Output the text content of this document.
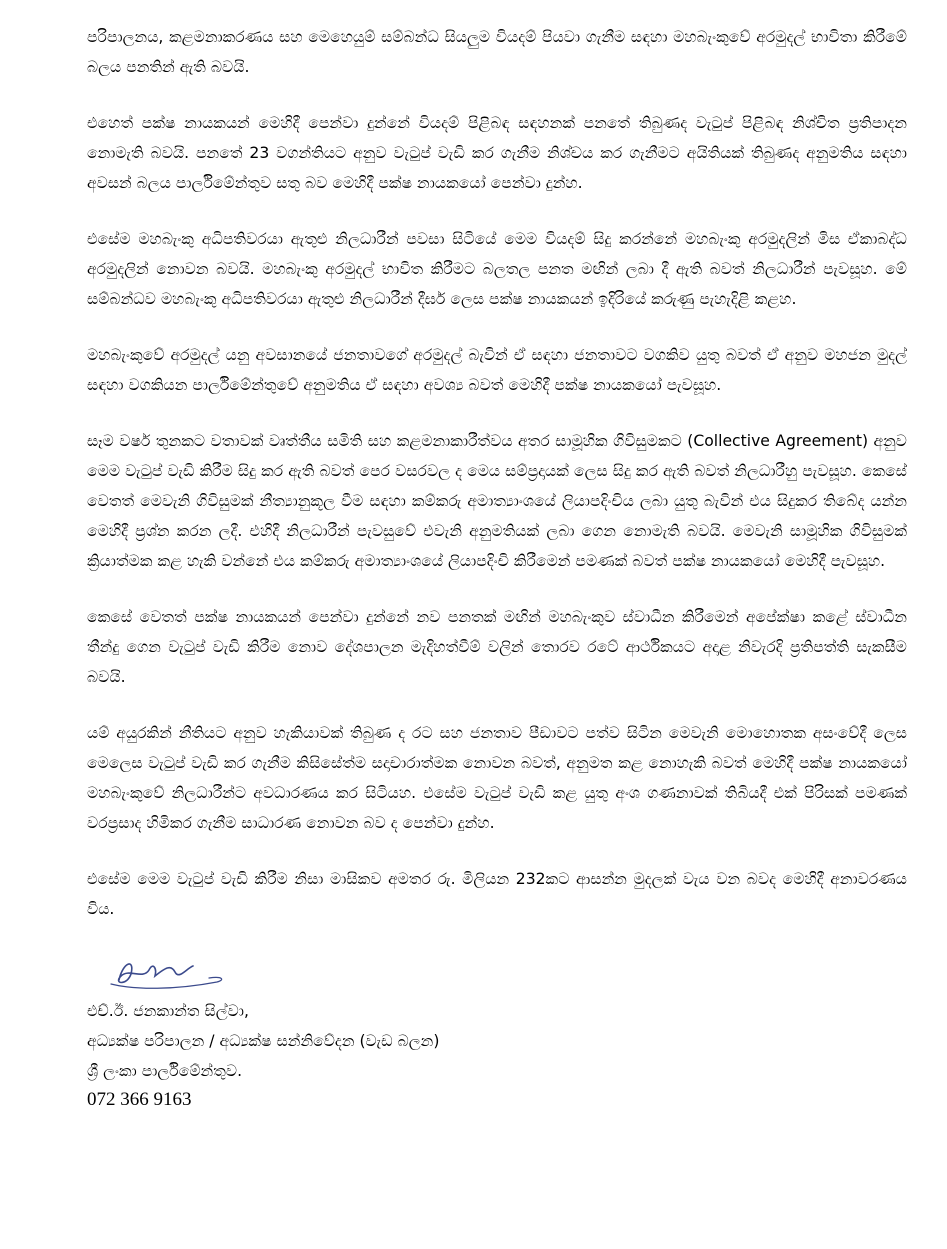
පරිපාලනය, කළමනාකරණය සහ මෙහෙයුම් සම්බන්ධ සියලුම වියදම් පියවා ගැනීම සඳහා මහබැංකුවේ අරමුදල් භාවිතා කිරීමේ බලය පනතින් ඇති බවයි.

එහෙත් පක්ෂ නායකයන් මෙහිදී පෙන්වා දුන්නේ වියදම් පිළිබඳ සඳහනක් පනතේ තිබුණද වැටුප් පිළිබඳ නිශ්චිත ප්‍රතිපාදන නොමැති බවයි. පනතේ 23 වගන්තියට අනුව වැටුප් වැඩි කර ගැනීම නිශ්චය කර ගැනීමට අයිතියක් තිබුණද අනුමතිය සඳහා අවසන් බලය පාර්ලිමේන්තුව සතු බව මෙහිදී පක්ෂ නායකයෝ පෙන්වා දුන්හ.

එසේම මහබැංකු අධිපතිවරයා ඇතුළු නිලධාරීන් පවසා සිටියේ මෙම වියදම් සිදු කරන්නේ මහබැංකු අරමුදලින් මිස ඒකාබද්ධ අරමුදලින් නොවන බවයි. මහබැංකු අරමුදල් භාවිත කිරීමට බලතල පනත මඟින් ලබා දී ඇති බවත් නිලධාරීන් පැවසූහ. මේ සම්බන්ධව මහබැංකු අධිපතිවරයා ඇතුළු නිලධාරීන් දීර්ඝ ලෙස පක්ෂ නායකයන් ඉදිරියේ කරුණු පැහැදිළි කළහ.

මහබැංකුවේ අරමුදල් යනු අවසානයේ ජනතාවගේ අරමුදල් බැවින් ඒ සඳහා ජනතාවට වගකිව යුතු බවත් ඒ අනුව මහජන මුදල් සඳහා වගකියන පාර්ලිමේන්තුවේ අනුමතිය ඒ සඳහා අවශ්‍ය බවත් මෙහිදී පක්ෂ නායකයෝ පැවසූහ.

සෑම වර්ෂ තුනකට වතාවක් වෘත්තීය සමිති සහ කළමනාකාරීත්වය අතර සාමූහික ගිවිසුමකට (Collective Agreement) අනුව මෙම වැටුප් වැඩි කිරීම සිදු කර ඇති බවත් පෙර වසරවල ද මෙය සම්ප්‍රදායක් ලෙස සිදු කර ඇති බවත් නිලධාරීහු පැවසූහ. කෙසේ වෙතත් මෙවැනි ගිවිසුමක් නීත්‍යානුකූල වීම සඳහා කම්කරු අමාත්‍යාංශයේ ලියාපදිංචිය ලබා යුතු බැවින් එය සිදුකර තිබේද යන්න මෙහිදී ප්‍රශ්න කරන ලදී. එහිදී නිලධාරීන් පැවසුවේ එවැනි අනුමතියක් ලබා ගෙන නොමැති බවයි. මෙවැනි සාමූහික ගිවිසුමක් ක්‍රියාත්මක කළ හැකි වන්නේ එය කම්කරු අමාත්‍යාංශයේ ලියාපදිංචි කිරීමෙන් පමණක් බවත් පක්ෂ නායකයෝ මෙහිදී පැවසූහ.

කෙසේ වෙතත් පක්ෂ නායකයන් පෙන්වා දුන්නේ නව පනතක් මඟින් මහබැංකුව ස්වාධීන කිරීමෙන් අපේක්ෂා කළේ ස්වාධීන තීන්දු ගෙන වැටුප් වැඩි කිරීම නොව දේශපාලන මැදිහත්වීම් වලින් තොරව රටේ ආර්ථිකයට අදාළ නිවැරදි ප්‍රතිපත්ති සැකසීම බවයි.

යම් අයුරකින් නීතියට අනුව හැකියාවක් තිබුණ ද රට සහ ජනතාව පීඩාවට පත්ව සිටින මෙවැනි මොහොතක අසංවේදී ලෙස මෙලෙස වැටුප් වැඩි කර ගැනීම කිසිසේත්ම සදාචාරාත්මක නොවන බවත්, අනුමත කළ නොහැකි බවත් මෙහිදී පක්ෂ නායකයෝ මහබැංකුවේ නිලධාරීන්ට අවධාරණය කර සිටියහ. එසේම වැටුප් වැඩි කළ යුතු අංශ ගණනාවක් තිබියදී එක් පිරිසක් පමණක් වරප්‍රසාද හිමිකර ගැනීම සාධාරණ නොවන බව ද පෙන්වා දුන්හ.

එසේම මෙම වැටුප් වැඩි කිරීම නිසා මාසිකව අමතර රු. මිලියන 232කට ආසන්න මුදලක් වැය වන බවද මෙහිදී අනාවරණය විය.

එච්.ඊ. ජනකාන්ත සිල්වා,
අධ්‍යක්ෂ පරිපාලන / අධ්‍යක්ෂ සන්නිවේදන (වැඩ බලන)
ශ්‍රී ලංකා පාර්ලිමේන්තුව.
072 366 9163
